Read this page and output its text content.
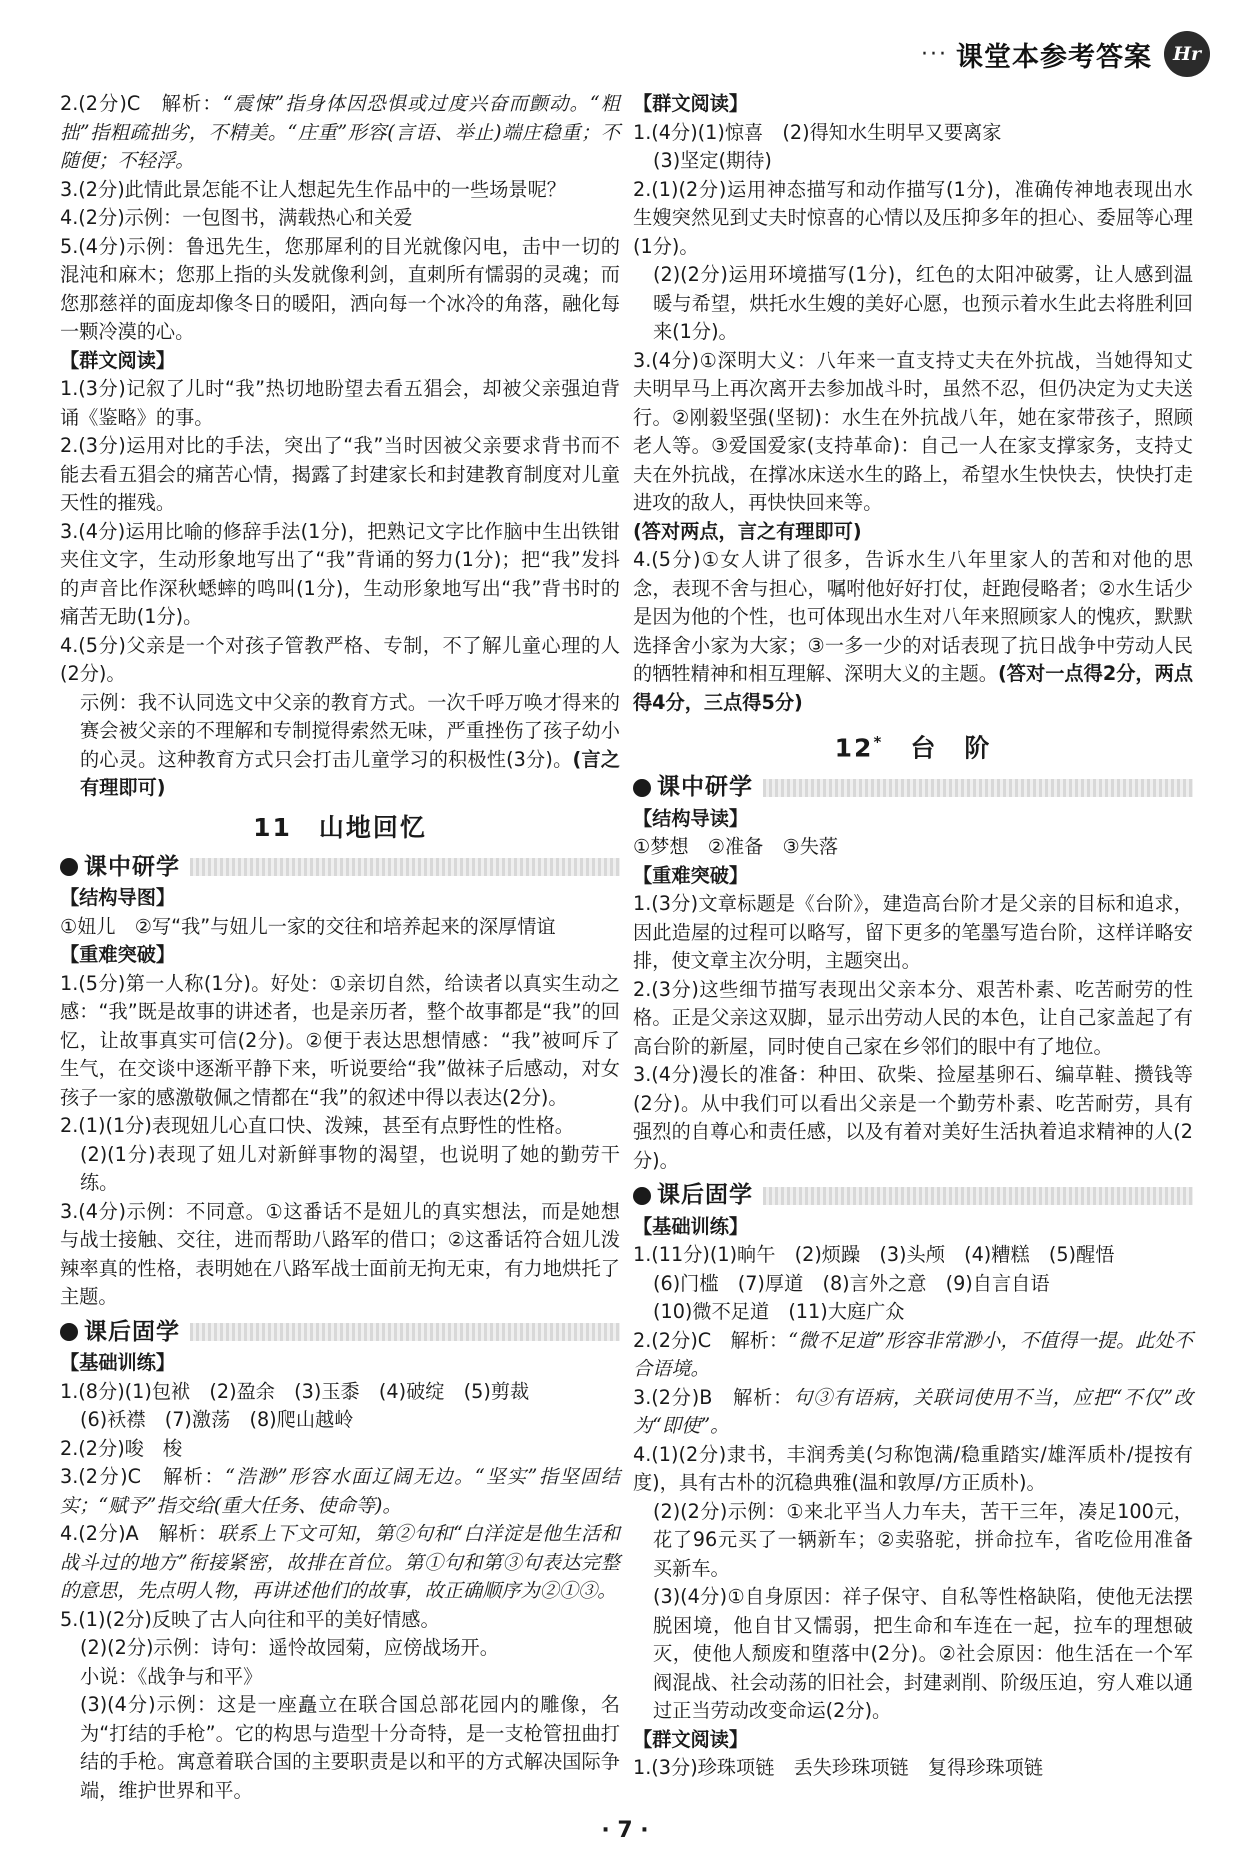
··· 课堂本参考答案	Hr

2.(2分)C　解析：“震悚”指身体因恐惧或过度兴奋而颤动。“粗拙”指粗疏拙劣，不精美。“庄重”形容(言语、举止)端庄稳重；不随便；不轻浮。

3.(2分)此情此景怎能不让人想起先生作品中的一些场景呢？

4.(2分)示例：一包图书，满载热心和关爱

5.(4分)示例：鲁迅先生，您那犀利的目光就像闪电，击中一切的混沌和麻木；您那上指的头发就像利剑，直刺所有懦弱的灵魂；而您那慈祥的面庞却像冬日的暖阳，洒向每一个冰冷的角落，融化每一颗冷漠的心。

【群文阅读】

1.(3分)记叙了儿时“我”热切地盼望去看五猖会，却被父亲强迫背诵《鉴略》的事。

2.(3分)运用对比的手法，突出了“我”当时因被父亲要求背书而不能去看五猖会的痛苦心情，揭露了封建家长和封建教育制度对儿童天性的摧残。

3.(4分)运用比喻的修辞手法(1分)，把熟记文字比作脑中生出铁钳夹住文字，生动形象地写出了“我”背诵的努力(1分)；把“我”发抖的声音比作深秋蟋蟀的鸣叫(1分)，生动形象地写出“我”背书时的痛苦无助(1分)。

4.(5分)父亲是一个对孩子管教严格、专制，不了解儿童心理的人(2分)。

示例：我不认同选文中父亲的教育方式。一次千呼万唤才得来的赛会被父亲的不理解和专制搅得索然无味，严重挫伤了孩子幼小的心灵。这种教育方式只会打击儿童学习的积极性(3分)。(言之有理即可)

11　 山地回忆
课中研学

【结构导图】

①妞儿　②写“我”与妞儿一家的交往和培养起来的深厚情谊

【重难突破】

1.(5分)第一人称(1分)。好处：①亲切自然，给读者以真实生动之感：“我”既是故事的讲述者，也是亲历者，整个故事都是“我”的回忆，让故事真实可信(2分)。②便于表达思想情感：“我”被呵斥了生气，在交谈中逐渐平静下来，听说要给“我”做袜子后感动，对女孩子一家的感激敬佩之情都在“我”的叙述中得以表达(2分)。

2.(1)(1分)表现妞儿心直口快、泼辣，甚至有点野性的性格。

(2)(1分)表现了妞儿对新鲜事物的渴望，也说明了她的勤劳干练。

3.(4分)示例：不同意。①这番话不是妞儿的真实想法，而是她想与战士接触、交往，进而帮助八路军的借口；②这番话符合妞儿泼辣率真的性格，表明她在八路军战士面前无拘无束，有力地烘托了主题。

课后固学

【基础训练】

1.(8分)(1)包袱　(2)盈余　(3)玉黍　(4)破绽　(5)剪裁

(6)袄襟　(7)激荡　(8)爬山越岭

2.(2分)唆　梭

3.(2分)C　解析：“浩渺”形容水面辽阔无边。“坚实”指坚固结实；“赋予”指交给(重大任务、使命等)。

4.(2分)A　解析：联系上下文可知，第②句和“白洋淀是他生活和战斗过的地方”衔接紧密，故排在首位。第①句和第③句表达完整的意思，先点明人物，再讲述他们的故事，故正确顺序为②①③。

5.(1)(2分)反映了古人向往和平的美好情感。

(2)(2分)示例：诗句：遥怜故园菊，应傍战场开。

小说：《战争与和平》

(3)(4分)示例：这是一座矗立在联合国总部花园内的雕像，名为“打结的手枪”。它的构思与造型十分奇特，是一支枪管扭曲打结的手枪。寓意着联合国的主要职责是以和平的方式解决国际争端，维护世界和平。

【群文阅读】

1.(4分)(1)惊喜　(2)得知水生明早又要离家

(3)坚定(期待)

2.(1)(2分)运用神态描写和动作描写(1分)，准确传神地表现出水生嫂突然见到丈夫时惊喜的心情以及压抑多年的担心、委屈等心理(1分)。

(2)(2分)运用环境描写(1分)，红色的太阳冲破雾，让人感到温暖与希望，烘托水生嫂的美好心愿，也预示着水生此去将胜利回来(1分)。

3.(4分)①深明大义：八年来一直支持丈夫在外抗战，当她得知丈夫明早马上再次离开去参加战斗时，虽然不忍，但仍决定为丈夫送行。②刚毅坚强(坚韧)：水生在外抗战八年，她在家带孩子，照顾老人等。③爱国爱家(支持革命)：自己一人在家支撑家务，支持丈夫在外抗战，在撑冰床送水生的路上，希望水生快快去，快快打走进攻的敌人，再快快回来等。

(答对两点，言之有理即可)

4.(5分)①女人讲了很多，告诉水生八年里家人的苦和对他的思念，表现不舍与担心，嘱咐他好好打仗，赶跑侵略者；②水生话少是因为他的个性，也可体现出水生对八年来照顾家人的愧疚，默默选择舍小家为大家；③一多一少的对话表现了抗日战争中劳动人民的牺牲精神和相互理解、深明大义的主题。(答对一点得2分，两点得4分，三点得5分)

12*　 台　阶
课中研学

【结构导读】

①梦想　②准备　③失落

【重难突破】

1.(3分)文章标题是《台阶》，建造高台阶才是父亲的目标和追求，因此造屋的过程可以略写，留下更多的笔墨写造台阶，这样详略安排，使文章主次分明，主题突出。

2.(3分)这些细节描写表现出父亲本分、艰苦朴素、吃苦耐劳的性格。正是父亲这双脚，显示出劳动人民的本色，让自己家盖起了有高台阶的新屋，同时使自己家在乡邻们的眼中有了地位。

3.(4分)漫长的准备：种田、砍柴、捡屋基卵石、编草鞋、攒钱等(2分)。从中我们可以看出父亲是一个勤劳朴素、吃苦耐劳，具有强烈的自尊心和责任感，以及有着对美好生活执着追求精神的人(2分)。

课后固学

【基础训练】

1.(11分)(1)晌午　(2)烦躁　(3)头颅　(4)糟糕　(5)醒悟

(6)门槛　(7)厚道　(8)言外之意　(9)自言自语

(10)微不足道　(11)大庭广众

2.(2分)C　解析：“微不足道”形容非常渺小，不值得一提。此处不合语境。

3.(2分)B　解析：句③有语病，关联词使用不当，应把“不仅”改为“即使”。

4.(1)(2分)隶书，丰润秀美(匀称饱满/稳重踏实/雄浑质朴/提按有度)，具有古朴的沉稳典雅(温和敦厚/方正质朴)。

(2)(2分)示例：①来北平当人力车夫，苦干三年，凑足100元，花了96元买了一辆新车；②卖骆驼，拼命拉车，省吃俭用准备买新车。

(3)(4分)①自身原因：祥子保守、自私等性格缺陷，使他无法摆脱困境，他自甘又懦弱，把生命和车连在一起，拉车的理想破灭，使他人颓废和堕落中(2分)。②社会原因：他生活在一个军阀混战、社会动荡的旧社会，封建剥削、阶级压迫，穷人难以通过正当劳动改变命运(2分)。

【群文阅读】

1.(3分)珍珠项链　丢失珍珠项链　复得珍珠项链

· 7 ·
